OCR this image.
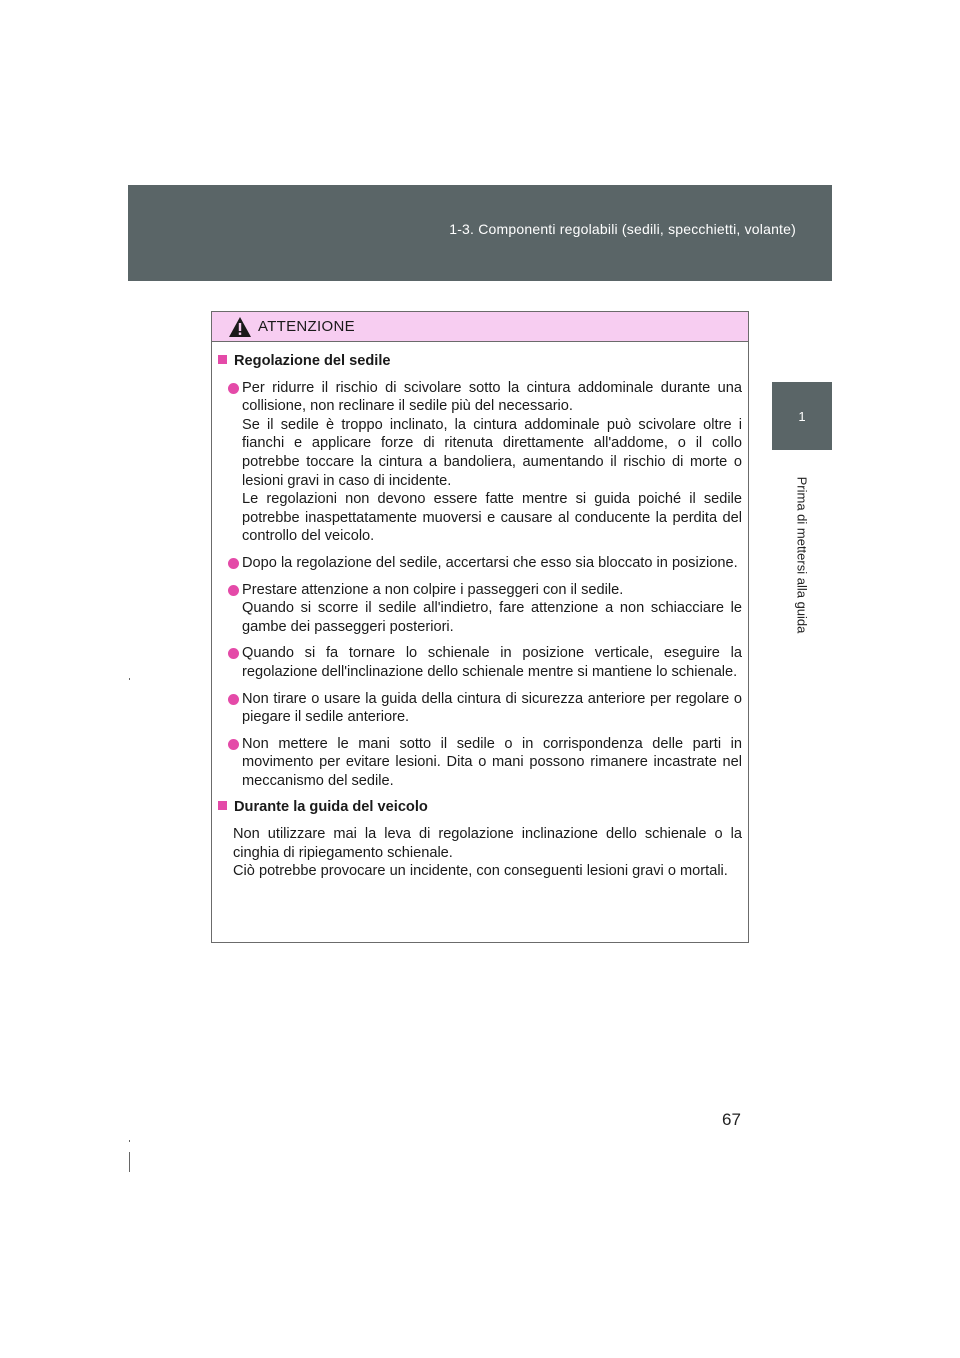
1-3. Componenti regolabili (sedili, specchietti, volante)
1
Prima di mettersi alla guida
ATTENZIONE
Regolazione del sedile

Per ridurre il rischio di scivolare sotto la cintura addominale durante una collisione, non reclinare il sedile più del necessario.

Se il sedile è troppo inclinato, la cintura addominale può scivolare oltre i fianchi e applicare forze di ritenuta direttamente all'addome, o il collo potrebbe toccare la cintura a bandoliera, aumentando il rischio di morte o lesioni gravi in caso di incidente.

Le regolazioni non devono essere fatte mentre si guida poiché il sedile potrebbe inaspettatamente muoversi e causare al conducente la perdita del controllo del veicolo.

Dopo la regolazione del sedile, accertarsi che esso sia bloccato in posizione.

Prestare attenzione a non colpire i passeggeri con il sedile.

Quando si scorre il sedile all'indietro, fare attenzione a non schiacciare le gambe dei passeggeri posteriori.

Quando si fa tornare lo schienale in posizione verticale, eseguire la regolazione dell'inclinazione dello schienale mentre si mantiene lo schienale.

Non tirare o usare la guida della cintura di sicurezza anteriore per regolare o piegare il sedile anteriore.

Non mettere le mani sotto il sedile o in corrispondenza delle parti in movimento per evitare lesioni. Dita o mani possono rimanere incastrate nel meccanismo del sedile.

Durante la guida del veicolo

Non utilizzare mai la leva di regolazione inclinazione dello schienale o la cinghia di ripiegamento schienale.

Ciò potrebbe provocare un incidente, con conseguenti lesioni gravi o mortali.

67
